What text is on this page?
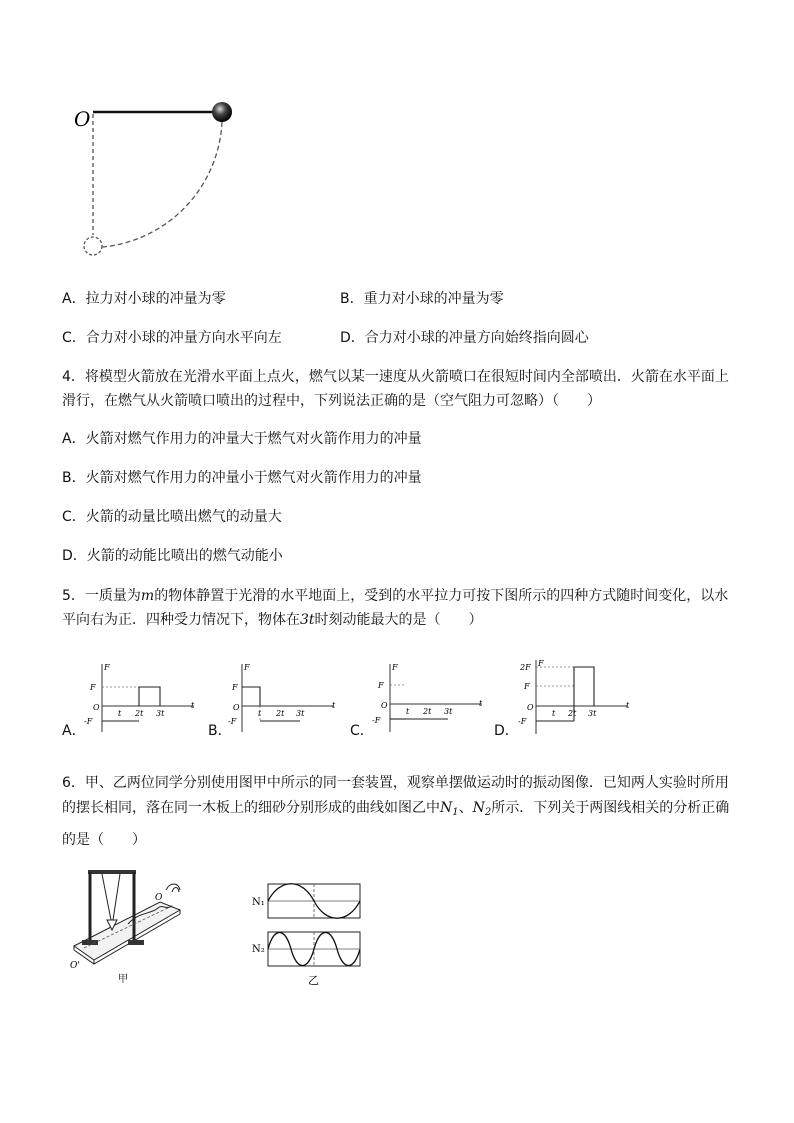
O
A．拉力对小球的冲量为零	B．重力对小球的冲量为零
C．合力对小球的冲量方向水平向左	D．合力对小球的冲量方向始终指向圆心
4．将模型火箭放在光滑水平面上点火，燃气以某一速度从火箭喷口在很短时间内全部喷出．火箭在水平面上
滑行，在燃气从火箭喷口喷出的过程中，下列说法正确的是（空气阻力可忽略）（　　）
A．火箭对燃气作用力的冲量大于燃气对火箭作用力的冲量
B．火箭对燃气作用力的冲量小于燃气对火箭作用力的冲量
C．火箭的动量比喷出燃气的动量大
D．火箭的动能比喷出的燃气动能小
5．一质量为m的物体静置于光滑的水平地面上，受到的水平拉力可按下图所示的四种方式随时间变化，以水
平向右为正．四种受力情况下，物体在3t时刻动能最大的是（　　）
A．
F
O
F
-F
t 2t 3t
t
B．
F
O
F
-F
t 2t 3t
t
C．
F
O
F
-F
t 2t 3t
t
D．
F
O
2F
F
-F
t 2t 3t
t
6．甲、乙两位同学分别使用图甲中所示的同一套装置，观察单摆做运动时的振动图像．已知两人实验时所用
的摆长相同，落在同一木板上的细砂分别形成的曲线如图乙中$N_1$、$N_2$所示．下列关于两图线相关的分析正确
的是（　　）
O
O'
甲
N₁
N₂
乙
